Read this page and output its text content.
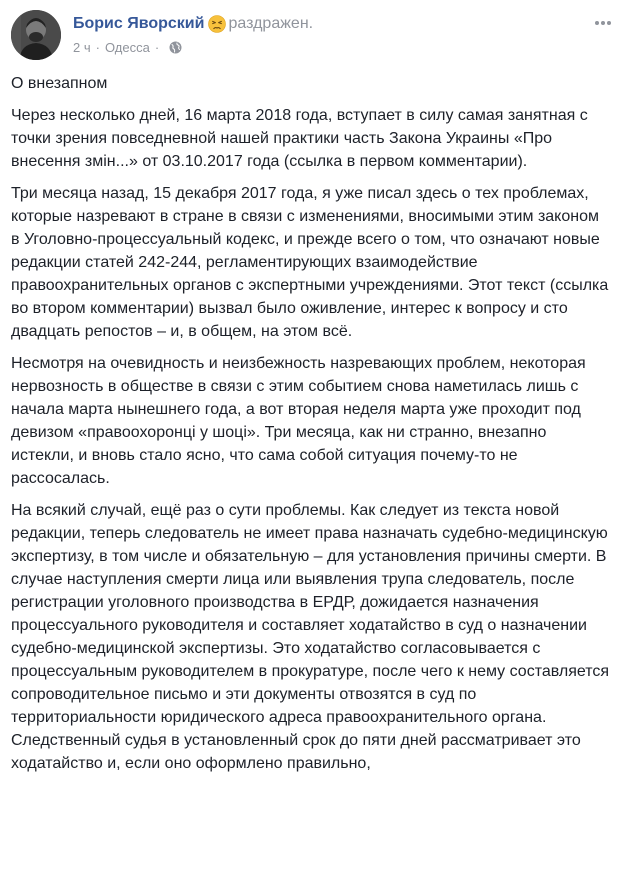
Борис Яворский раздражен.
2 ч · Одесса ·

О внезапном

Через несколько дней, 16 марта 2018 года, вступает в силу самая занятная с точки зрения повседневной нашей практики часть Закона Украины «Про внесення змін...» от 03.10.2017 года (ссылка в первом комментарии).

Три месяца назад, 15 декабря 2017 года, я уже писал здесь о тех проблемах, которые назревают в стране в связи с изменениями, вносимыми этим законом в Уголовно-процессуальный кодекс, и прежде всего о том, что означают новые редакции статей 242-244, регламентирующих взаимодействие правоохранительных органов с экспертными учреждениями. Этот текст (ссылка во втором комментарии) вызвал было оживление, интерес к вопросу и сто двадцать репостов – и, в общем, на этом всё.

Несмотря на очевидность и неизбежность назревающих проблем, некоторая нервозность в обществе в связи с этим событием снова наметилась лишь с начала марта нынешнего года, а вот вторая неделя марта уже проходит под девизом «правоохоронці у шоці». Три месяца, как ни странно, внезапно истекли, и вновь стало ясно, что сама собой ситуация почему-то не рассосалась.

На всякий случай, ещё раз о сути проблемы. Как следует из текста новой редакции, теперь следователь не имеет права назначать судебно-медицинскую экспертизу, в том числе и обязательную – для установления причины смерти. В случае наступления смерти лица или выявления трупа следователь, после регистрации уголовного производства в ЕРДР, дожидается назначения процессуального руководителя и составляет ходатайство в суд о назначении судебно-медицинской экспертизы. Это ходатайство согласовывается с процессуальным руководителем в прокуратуре, после чего к нему составляется сопроводительное письмо и эти документы отвозятся в суд по территориальности юридического адреса правоохранительного органа. Следственный судья в установленный срок до пяти дней рассматривает это ходатайство и, если оно оформлено правильно,
